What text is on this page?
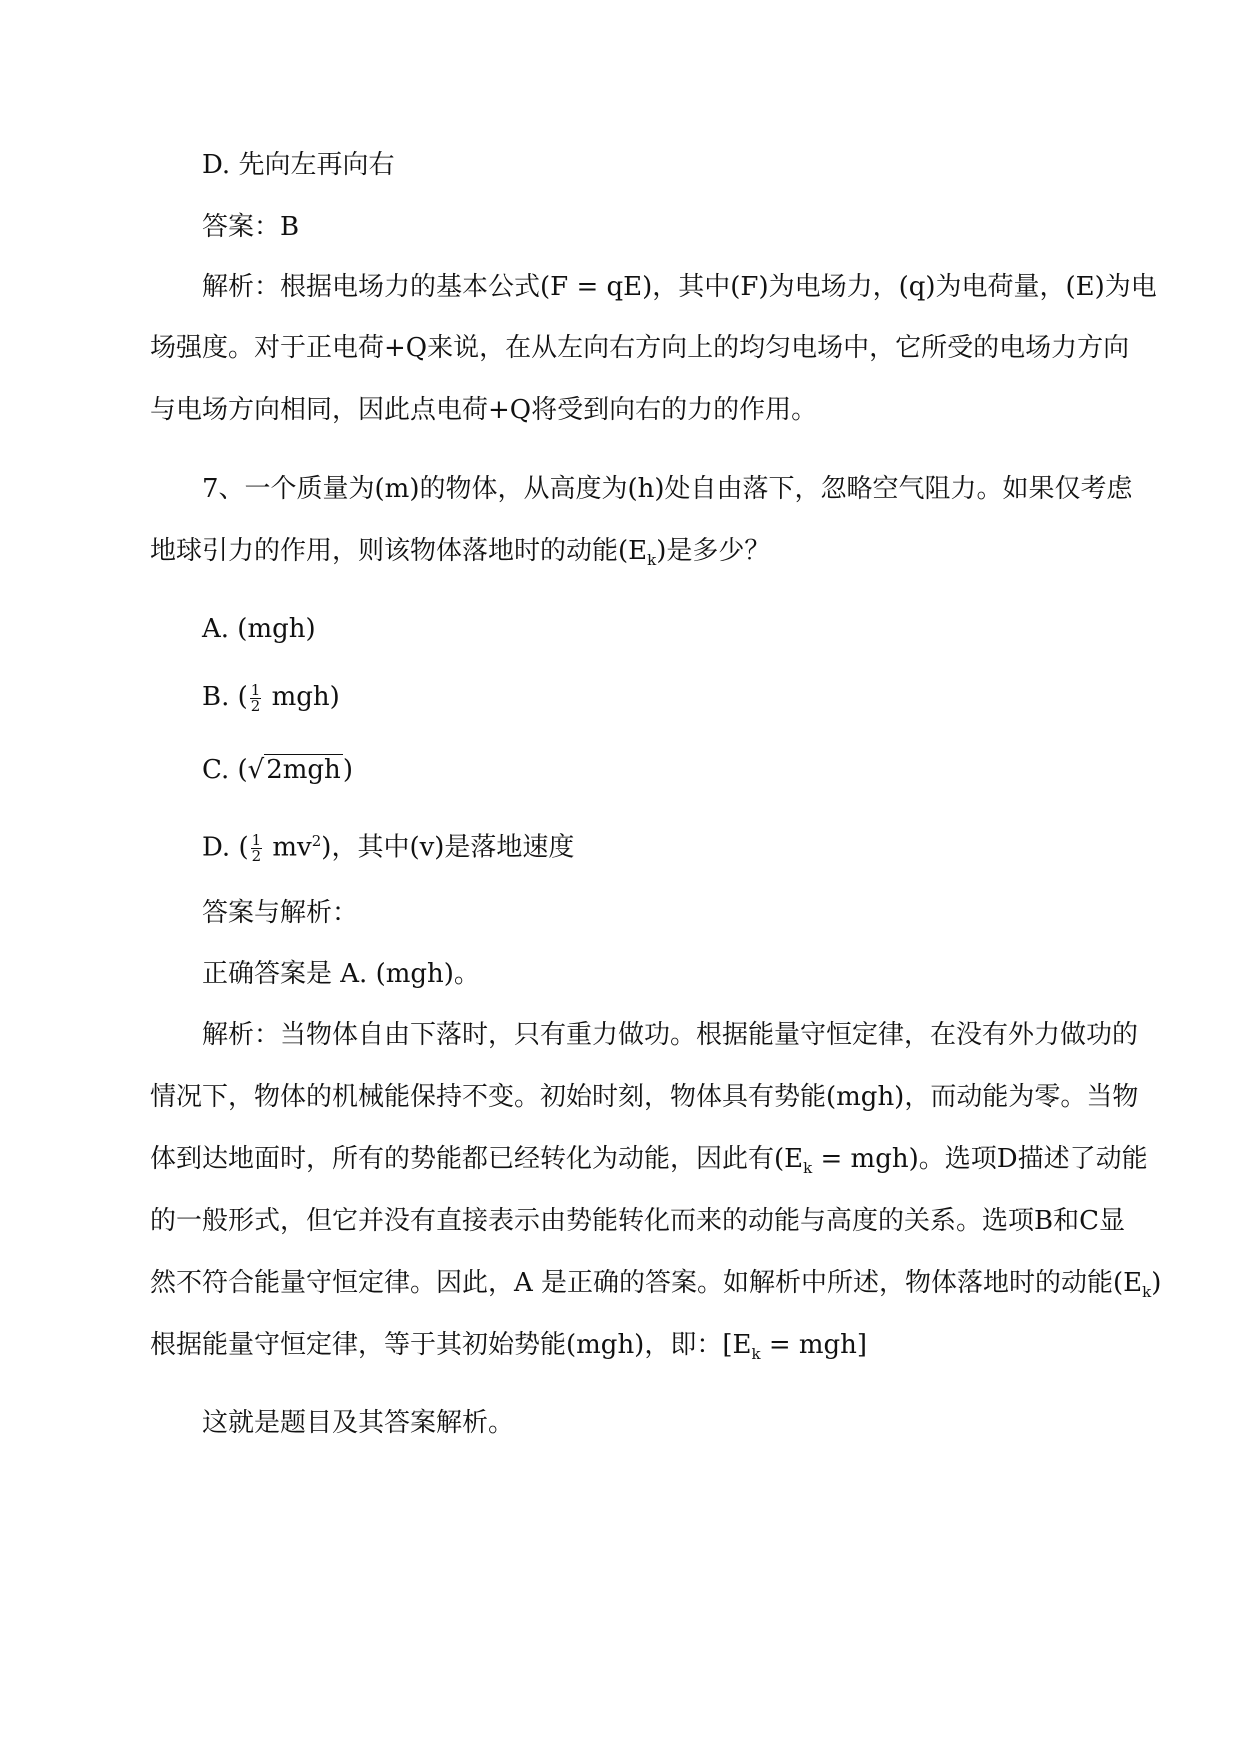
D. 先向左再向右
答案：B
解析：根据电场力的基本公式(F = qE)，其中(F)为电场力，(q)为电荷量，(E)为电
场强度。对于正电荷+Q来说，在从左向右方向上的均匀电场中，它所受的电场力方向
与电场方向相同，因此点电荷+Q将受到向右的力的作用。
7、一个质量为(m)的物体，从高度为(h)处自由落下，忽略空气阻力。如果仅考虑
地球引力的作用，则该物体落地时的动能$(E_k)$是多少？
A. (mgh)
B. ( $\frac{1}{2} mgh$)
C. (√2mgh)
D. ( $\frac{1}{2} mv^2$)，其中(v)是落地速度
答案与解析：
正确答案是 A. (mgh)。
解析：当物体自由下落时，只有重力做功。根据能量守恒定律，在没有外力做功的
情况下，物体的机械能保持不变。初始时刻，物体具有势能(mgh)，而动能为零。当物
体到达地面时，所有的势能都已经转化为动能，因此有$(E_k = mgh)$。选项D描述了动能
的一般形式，但它并没有直接表示由势能转化而来的动能与高度的关系。选项B和C显
然不符合能量守恒定律。因此，A 是正确的答案。如解析中所述，物体落地时的动能$(E_k)$
根据能量守恒定律，等于其初始势能(mgh)，即：$[E_k = mgh]$
这就是题目及其答案解析。
